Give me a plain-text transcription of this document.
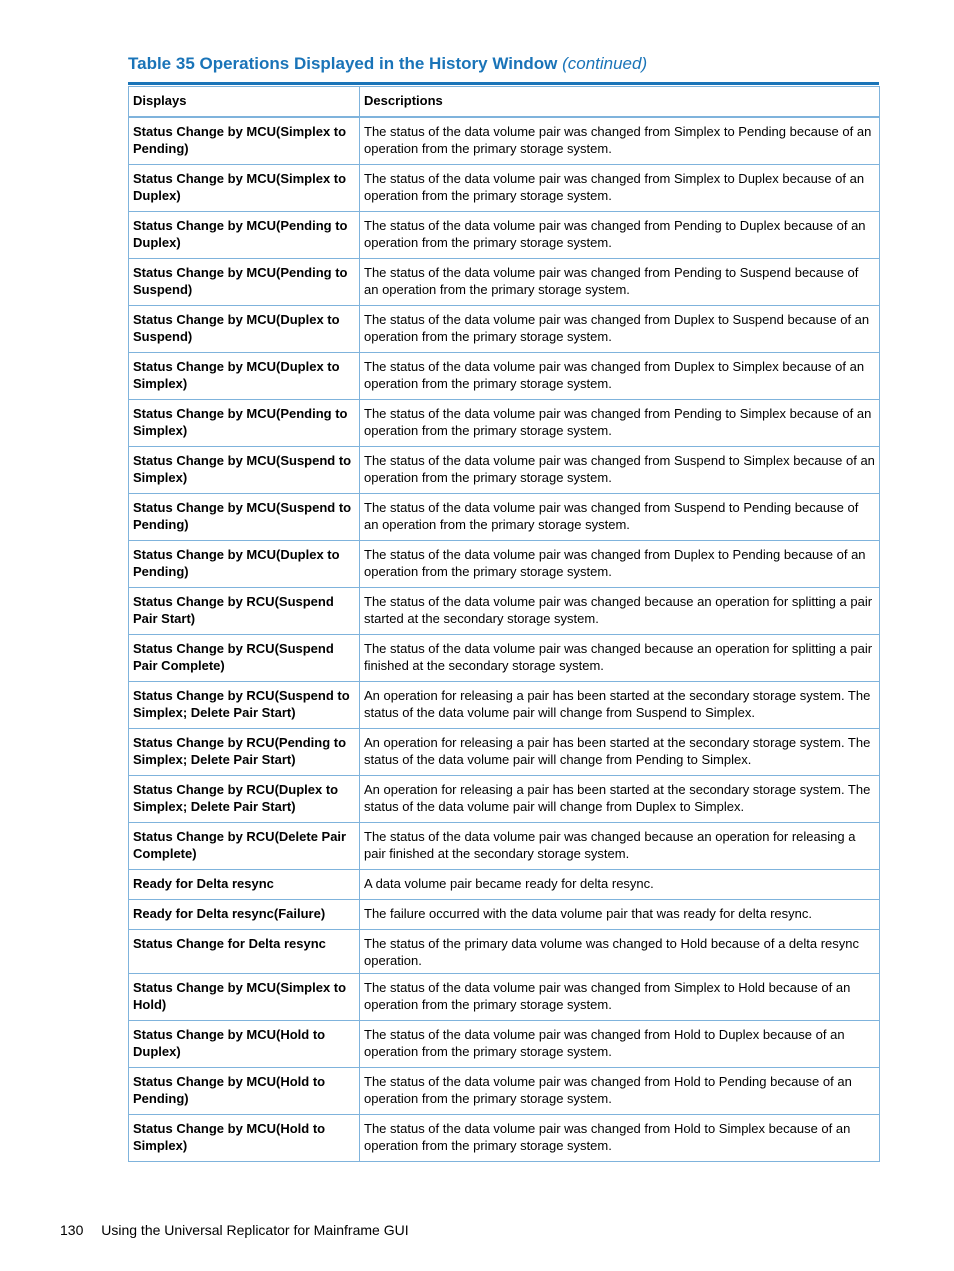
Table 35 Operations Displayed in the History Window (continued)
Displays	Descriptions
Status Change by MCU(Simplex to Pending)	The status of the data volume pair was changed from Simplex to Pending because of an operation from the primary storage system.
Status Change by MCU(Simplex to Duplex)	The status of the data volume pair was changed from Simplex to Duplex because of an operation from the primary storage system.
Status Change by MCU(Pending to Duplex)	The status of the data volume pair was changed from Pending to Duplex because of an operation from the primary storage system.
Status Change by MCU(Pending to Suspend)	The status of the data volume pair was changed from Pending to Suspend because of an operation from the primary storage system.
Status Change by MCU(Duplex to Suspend)	The status of the data volume pair was changed from Duplex to Suspend because of an operation from the primary storage system.
Status Change by MCU(Duplex to Simplex)	The status of the data volume pair was changed from Duplex to Simplex because of an operation from the primary storage system.
Status Change by MCU(Pending to Simplex)	The status of the data volume pair was changed from Pending to Simplex because of an operation from the primary storage system.
Status Change by MCU(Suspend to Simplex)	The status of the data volume pair was changed from Suspend to Simplex because of an operation from the primary storage system.
Status Change by MCU(Suspend to Pending)	The status of the data volume pair was changed from Suspend to Pending because of an operation from the primary storage system.
Status Change by MCU(Duplex to Pending)	The status of the data volume pair was changed from Duplex to Pending because of an operation from the primary storage system.
Status Change by RCU(Suspend Pair Start)	The status of the data volume pair was changed because an operation for splitting a pair started at the secondary storage system.
Status Change by RCU(Suspend Pair Complete)	The status of the data volume pair was changed because an operation for splitting a pair finished at the secondary storage system.
Status Change by RCU(Suspend to Simplex; Delete Pair Start)	An operation for releasing a pair has been started at the secondary storage system. The status of the data volume pair will change from Suspend to Simplex.
Status Change by RCU(Pending to Simplex; Delete Pair Start)	An operation for releasing a pair has been started at the secondary storage system. The status of the data volume pair will change from Pending to Simplex.
Status Change by RCU(Duplex to Simplex; Delete Pair Start)	An operation for releasing a pair has been started at the secondary storage system. The status of the data volume pair will change from Duplex to Simplex.
Status Change by RCU(Delete Pair Complete)	The status of the data volume pair was changed because an operation for releasing a pair finished at the secondary storage system.
Ready for Delta resync	A data volume pair became ready for delta resync.
Ready for Delta resync(Failure)	The failure occurred with the data volume pair that was ready for delta resync.
Status Change for Delta resync	The status of the primary data volume was changed to Hold because of a delta resync operation.
Status Change by MCU(Simplex to Hold)	The status of the data volume pair was changed from Simplex to Hold because of an operation from the primary storage system.
Status Change by MCU(Hold to Duplex)	The status of the data volume pair was changed from Hold to Duplex because of an operation from the primary storage system.
Status Change by MCU(Hold to Pending)	The status of the data volume pair was changed from Hold to Pending because of an operation from the primary storage system.
Status Change by MCU(Hold to Simplex)	The status of the data volume pair was changed from Hold to Simplex because of an operation from the primary storage system.
130 Using the Universal Replicator for Mainframe GUI
